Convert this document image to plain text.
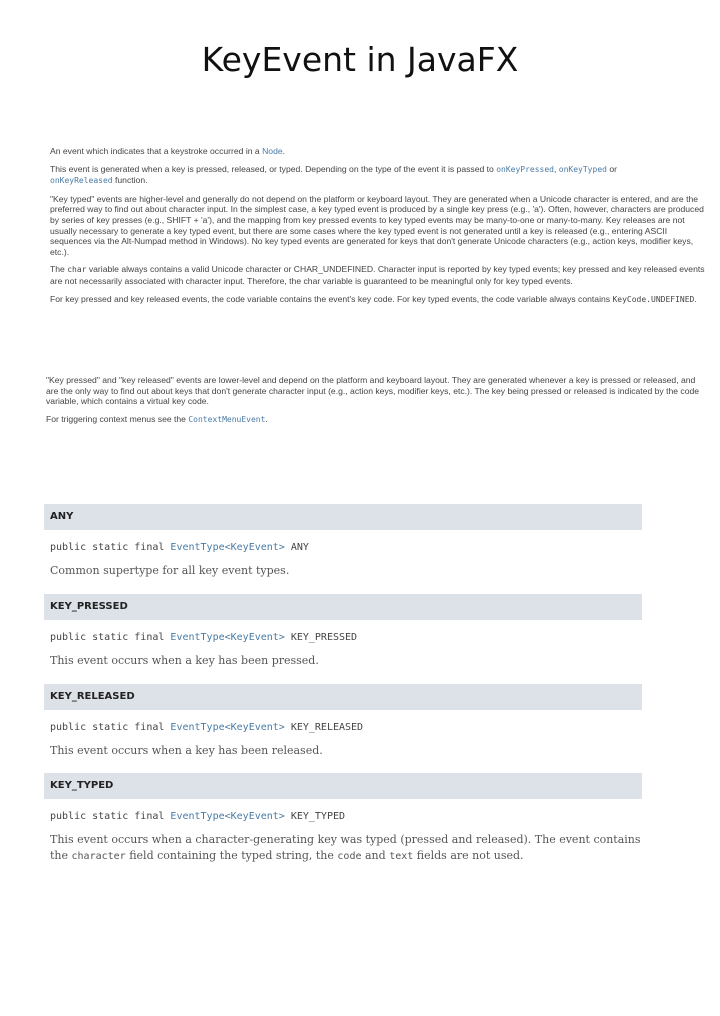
KeyEvent in JavaFX

An event which indicates that a keystroke occurred in a Node.

This event is generated when a key is pressed, released, or typed. Depending on the type of the event it is passed to onKeyPressed, onKeyTyped or
onKeyReleased function.

"Key typed" events are higher-level and generally do not depend on the platform or keyboard layout. They are generated when a Unicode character is entered, and are the preferred way to find out about character input. In the simplest case, a key typed event is produced by a single key press (e.g., 'a'). Often, however, characters are produced by series of key presses (e.g., SHIFT + 'a'), and the mapping from key pressed events to key typed events may be many-to-one or many-to-many. Key releases are not usually necessary to generate a key typed event, but there are some cases where the key typed event is not generated until a key is released (e.g., entering ASCII sequences via the Alt-Numpad method in Windows). No key typed events are generated for keys that don't generate Unicode characters (e.g., action keys, modifier keys, etc.).

The char variable always contains a valid Unicode character or CHAR_UNDEFINED. Character input is reported by key typed events; key pressed and key released events are not necessarily associated with character input. Therefore, the char variable is guaranteed to be meaningful only for key typed events.

For key pressed and key released events, the code variable contains the event's key code. For key typed events, the code variable always contains KeyCode.UNDEFINED.

"Key pressed" and "key released" events are lower-level and depend on the platform and keyboard layout. They are generated whenever a key is pressed or released, and are the only way to find out about keys that don't generate character input (e.g., action keys, modifier keys, etc.). The key being pressed or released is indicated by the code variable, which contains a virtual key code.

For triggering context menus see the ContextMenuEvent.

ANY
public static final EventType<KeyEvent> ANY
Common supertype for all key event types.
KEY_PRESSED
public static final EventType<KeyEvent> KEY_PRESSED
This event occurs when a key has been pressed.
KEY_RELEASED
public static final EventType<KeyEvent> KEY_RELEASED
This event occurs when a key has been released.
KEY_TYPED
public static final EventType<KeyEvent> KEY_TYPED
This event occurs when a character-generating key was typed (pressed and released). The event contains the character field containing the typed string, the code and text fields are not used.
